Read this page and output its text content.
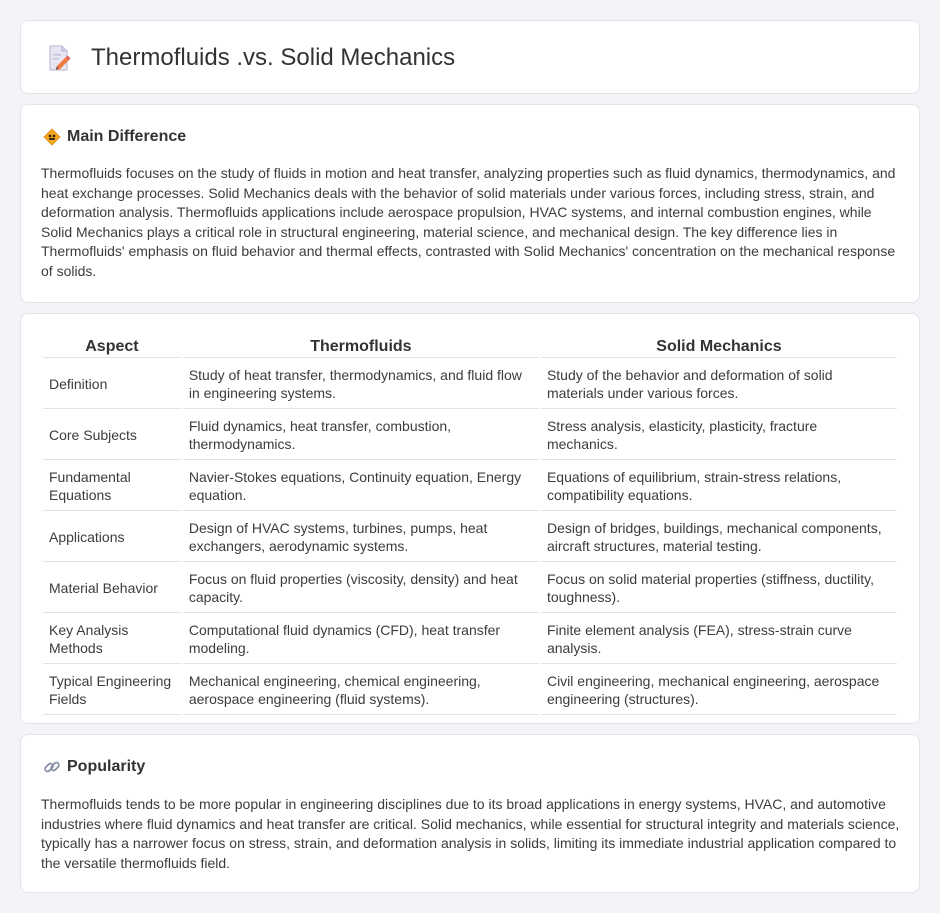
Thermofluids .vs. Solid Mechanics
Main Difference

Thermofluids focuses on the study of fluids in motion and heat transfer, analyzing properties such as fluid dynamics, thermodynamics, and heat exchange processes. Solid Mechanics deals with the behavior of solid materials under various forces, including stress, strain, and deformation analysis. Thermofluids applications include aerospace propulsion, HVAC systems, and internal combustion engines, while Solid Mechanics plays a critical role in structural engineering, material science, and mechanical design. The key difference lies in Thermofluids' emphasis on fluid behavior and thermal effects, contrasted with Solid Mechanics' concentration on the mechanical response of solids.

Aspect	Thermofluids	Solid Mechanics
Definition	Study of heat transfer, thermodynamics, and fluid flow in engineering systems.	Study of the behavior and deformation of solid materials under various forces.
Core Subjects	Fluid dynamics, heat transfer, combustion, thermodynamics.	Stress analysis, elasticity, plasticity, fracture mechanics.
Fundamental Equations	Navier-Stokes equations, Continuity equation, Energy equation.	Equations of equilibrium, strain-stress relations, compatibility equations.
Applications	Design of HVAC systems, turbines, pumps, heat exchangers, aerodynamic systems.	Design of bridges, buildings, mechanical components, aircraft structures, material testing.
Material Behavior	Focus on fluid properties (viscosity, density) and heat capacity.	Focus on solid material properties (stiffness, ductility, toughness).
Key Analysis Methods	Computational fluid dynamics (CFD), heat transfer modeling.	Finite element analysis (FEA), stress-strain curve analysis.
Typical Engineering Fields	Mechanical engineering, chemical engineering, aerospace engineering (fluid systems).	Civil engineering, mechanical engineering, aerospace engineering (structures).
Popularity

Thermofluids tends to be more popular in engineering disciplines due to its broad applications in energy systems, HVAC, and automotive industries where fluid dynamics and heat transfer are critical. Solid mechanics, while essential for structural integrity and materials science, typically has a narrower focus on stress, strain, and deformation analysis in solids, limiting its immediate industrial application compared to the versatile thermofluids field.
